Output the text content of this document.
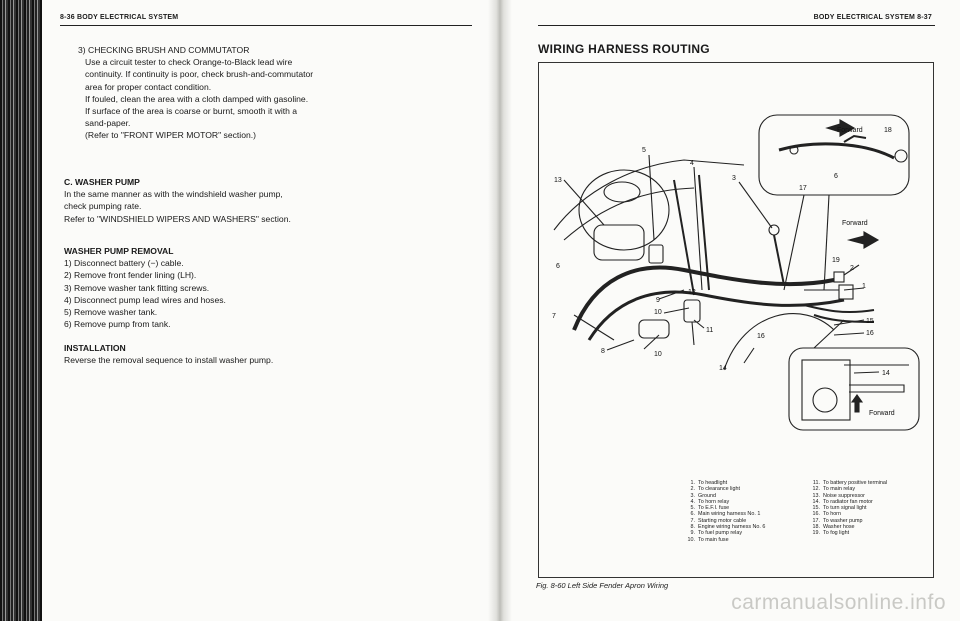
8-36 BODY ELECTRICAL SYSTEM	BODY ELECTRICAL SYSTEM 8-37

3) CHECKING BRUSH AND COMMUTATOR

Use a circuit tester to check Orange-to-Black lead wire continuity. If continuity is poor, check brush-and-commutator area for proper contact condition.

If fouled, clean the area with a cloth damped with gasoline.

If surface of the area is coarse or burnt, smooth it with a sand-paper.

(Refer to "FRONT WIPER MOTOR" section.)

C. WASHER PUMP

In the same manner as with the windshield washer pump, check pumping rate.

Refer to "WINDSHIELD WIPERS AND WASHERS" section.

WASHER PUMP REMOVAL

1) Disconnect battery (−) cable.

2) Remove front fender lining (LH).

3) Remove washer tank fitting screws.

4) Disconnect pump lead wires and hoses.

5) Remove washer tank.

6) Remove pump from tank.

INSTALLATION

Reverse the removal sequence to install washer pump.

WIRING HARNESS ROUTING
Forward	18
Forward
Forward
5
4
3
13
17
6
6
19
2
1
12
9
10
11
7
8	10
16
15
16
14
14
1. To headlight
2. To clearance light
3. Ground
4. To horn relay
5. To E.F.I. fuse
6. Main wiring harness No. 1
7. Starting motor cable
8. Engine wiring harness No. 6
9. To fuel pump relay
10. To main fuse
11. To battery positive terminal
12. To main relay
13. Noise suppressor
14. To radiator fan motor
15. To turn signal light
16. To horn
17. To washer pump
18. Washer hose
19. To fog light
Fig. 8-60 Left Side Fender Apron Wiring
carmanualsonline.info
